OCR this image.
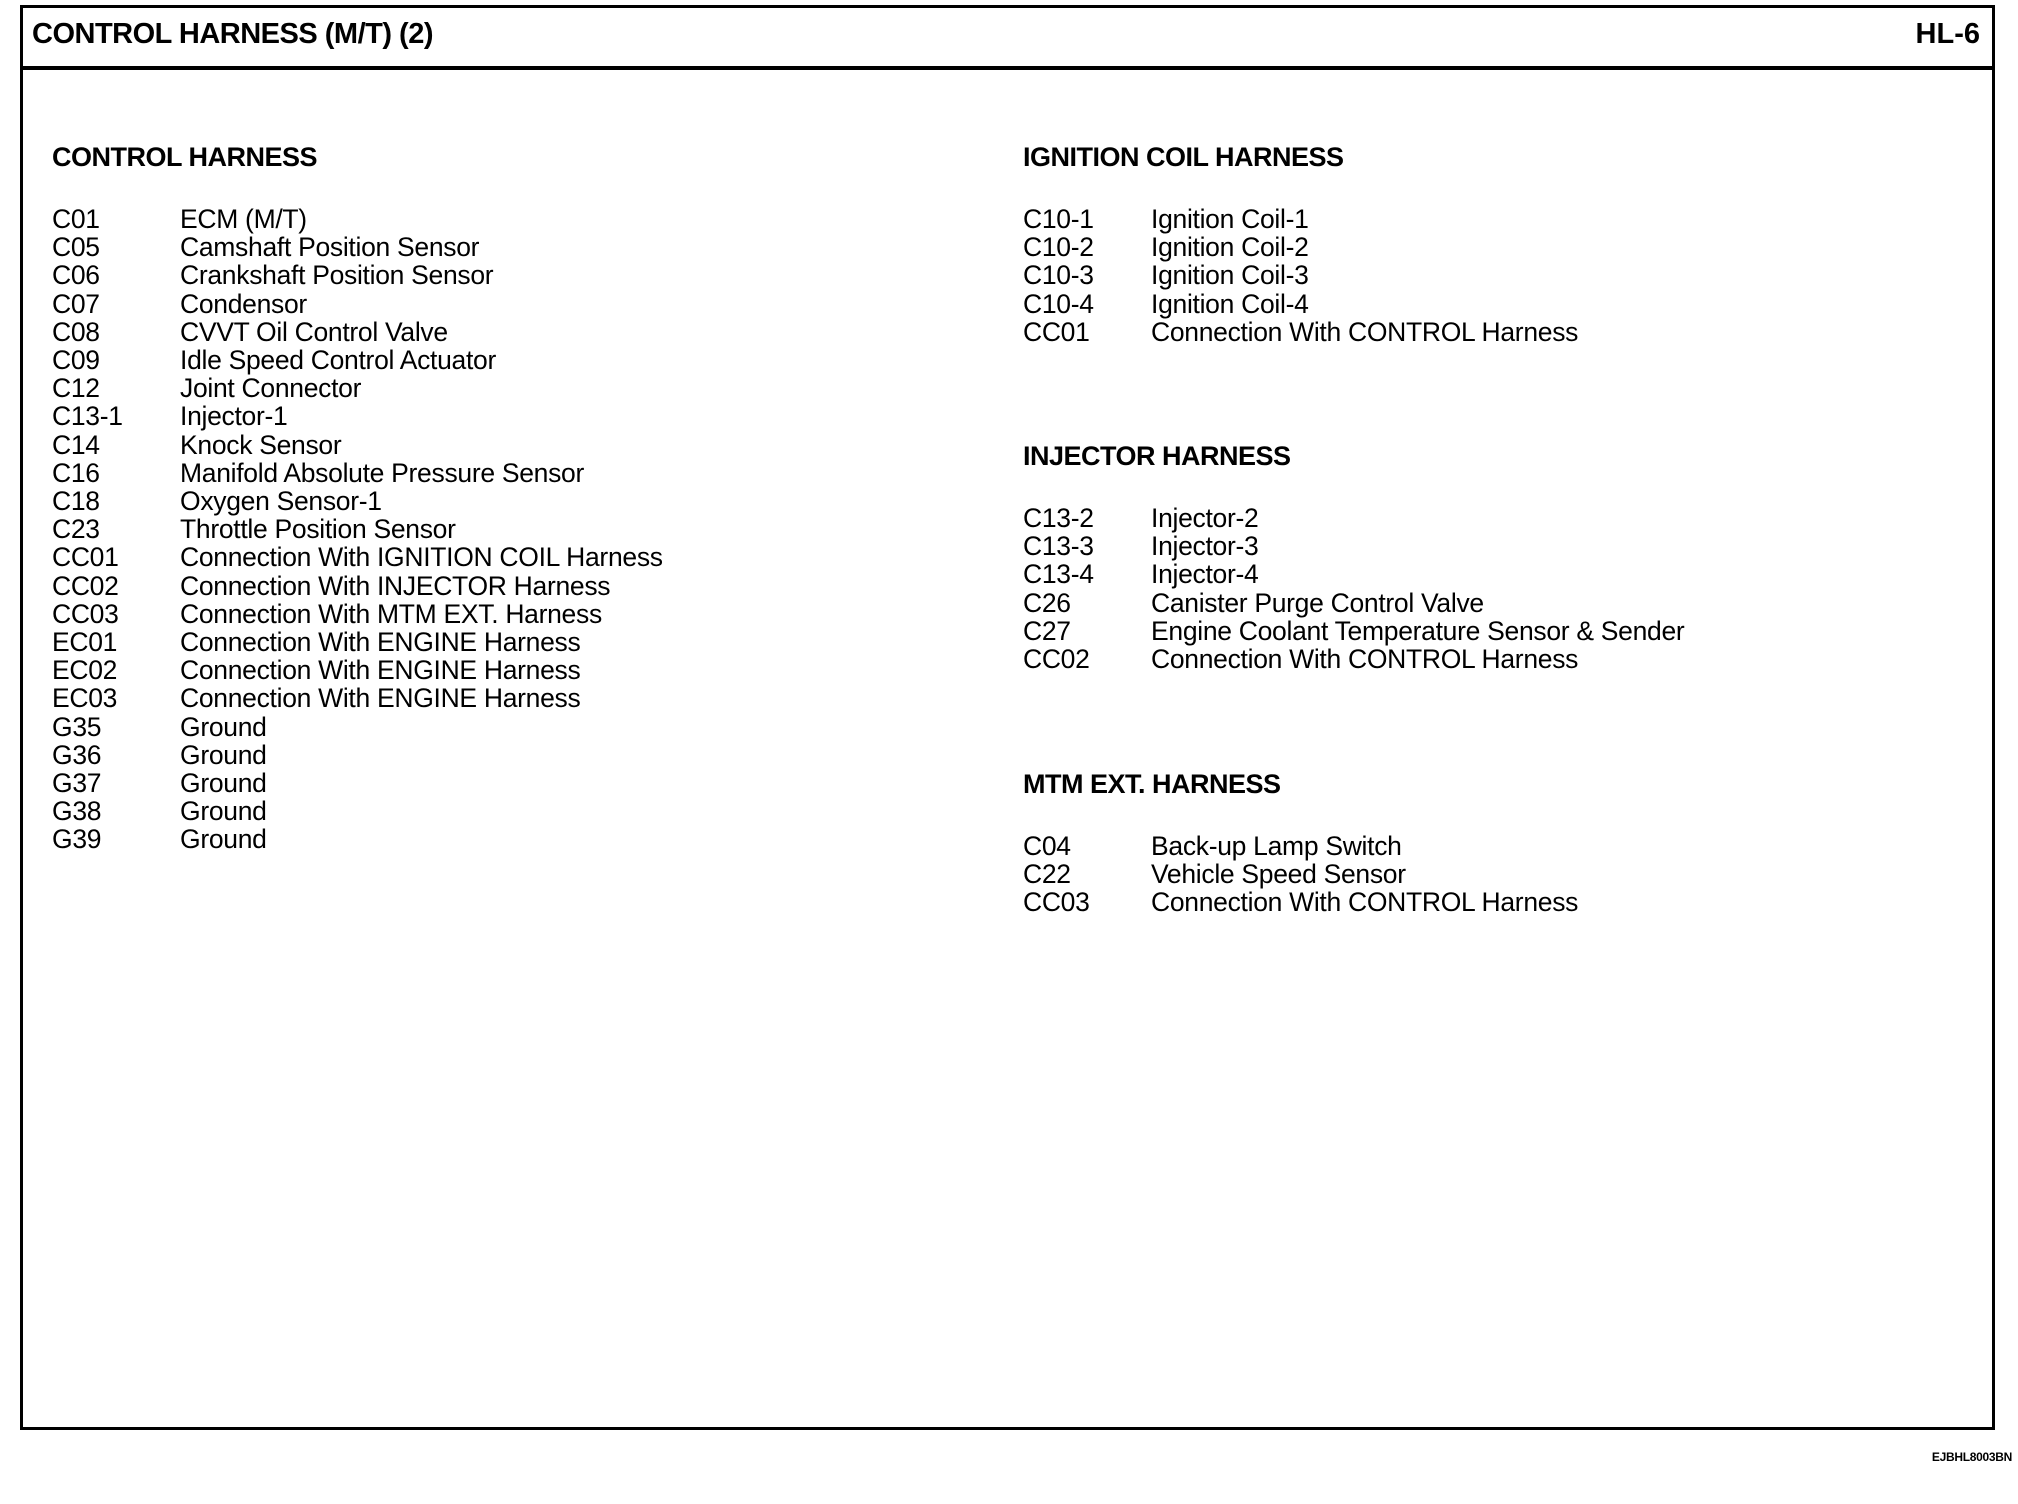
CONTROL HARNESS (M/T) (2)	HL-6
CONTROL HARNESS
C01	ECM (M/T)
C05	Camshaft Position Sensor
C06	Crankshaft Position Sensor
C07	Condensor
C08	CVVT Oil Control Valve
C09	Idle Speed Control Actuator
C12	Joint Connector
C13-1	Injector-1
C14	Knock Sensor
C16	Manifold Absolute Pressure Sensor
C18	Oxygen Sensor-1
C23	Throttle Position Sensor
CC01	Connection With IGNITION COIL Harness
CC02	Connection With INJECTOR Harness
CC03	Connection With MTM EXT. Harness
EC01	Connection With ENGINE Harness
EC02	Connection With ENGINE Harness
EC03	Connection With ENGINE Harness
G35	Ground
G36	Ground
G37	Ground
G38	Ground
G39	Ground
IGNITION COIL HARNESS
C10-1	Ignition Coil-1
C10-2	Ignition Coil-2
C10-3	Ignition Coil-3
C10-4	Ignition Coil-4
CC01	Connection With CONTROL Harness
INJECTOR HARNESS
C13-2	Injector-2
C13-3	Injector-3
C13-4	Injector-4
C26	Canister Purge Control Valve
C27	Engine Coolant Temperature Sensor & Sender
CC02	Connection With CONTROL Harness
MTM EXT. HARNESS
C04	Back-up Lamp Switch
C22	Vehicle Speed Sensor
CC03	Connection With CONTROL Harness
EJBHL8003BN
